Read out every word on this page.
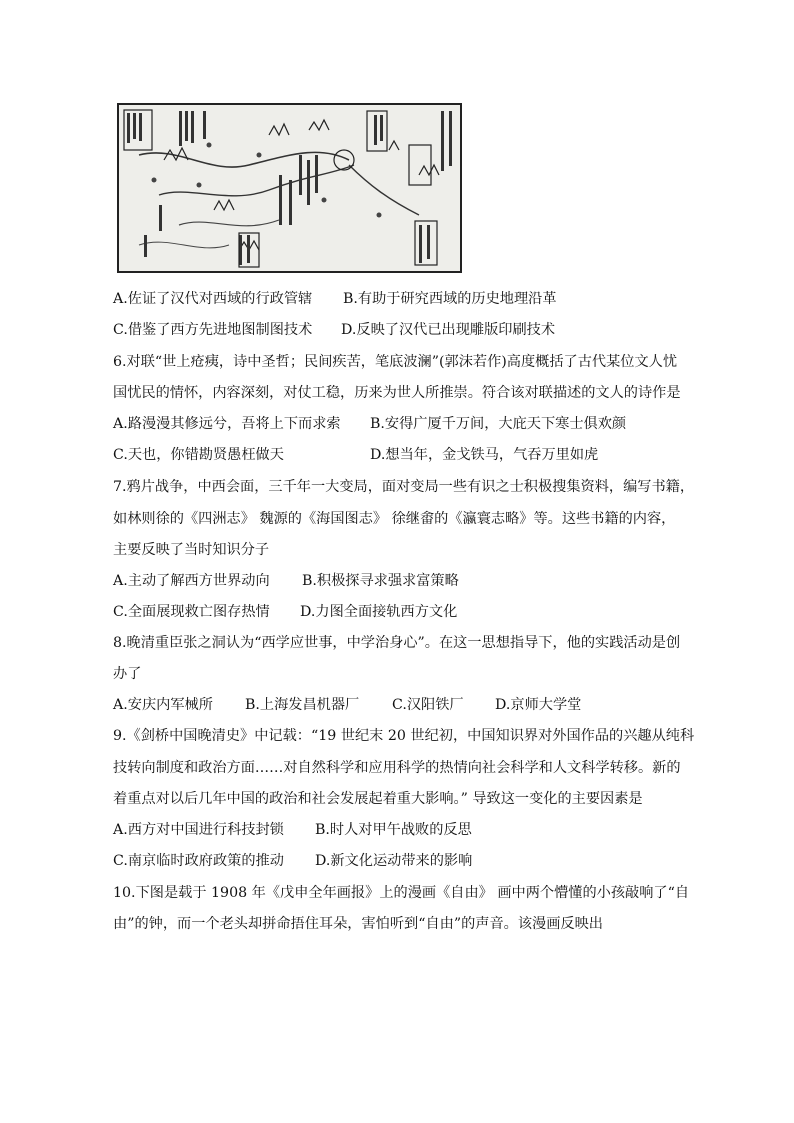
A.佐证了汉代对西域的行政管辖 B.有助于研究西域的历史地理沿革
C.借鉴了西方先进地图制图技术 D.反映了汉代已出现雕版印刷技术
6.对联“世上疮痍，诗中圣哲；民间疾苦，笔底波澜”(郭沫若作)高度概括了古代某位文人忧
国忧民的情怀，内容深刻，对仗工稳，历来为世人所推崇。符合该对联描述的文人的诗作是
A.路漫漫其修远兮，吾将上下而求索 B.安得广厦千万间，大庇天下寒士俱欢颜
C.天也，你错勘贤愚枉做天	D.想当年，金戈铁马，气吞万里如虎
7.鸦片战争，中西会面，三千年一大变局，面对变局一些有识之士积极搜集资料，编写书籍，
如林则徐的《四洲志》 魏源的《海国图志》 徐继畬的《瀛寰志略》等。这些书籍的内容，
主要反映了当时知识分子
A.主动了解西方世界动向 B.积极探寻求强求富策略
C.全面展现救亡图存热情 D.力图全面接轨西方文化
8.晚清重臣张之洞认为“西学应世事，中学治身心”。在这一思想指导下，他的实践活动是创
办了
A.安庆内军械所 B.上海发昌机器厂 C.汉阳铁厂 D.京师大学堂
9.《剑桥中国晚清史》中记载：“19 世纪末 20 世纪初，中国知识界对外国作品的兴趣从纯科
技转向制度和政治方面……对自然科学和应用科学的热情向社会科学和人文科学转移。新的
着重点对以后几年中国的政治和社会发展起着重大影响。” 导致这一变化的主要因素是
A.西方对中国进行科技封锁 B.时人对甲午战败的反思
C.南京临时政府政策的推动 D.新文化运动带来的影响
10.下图是载于 1908 年《戊申全年画报》上的漫画《自由》 画中两个懵懂的小孩敲响了“自
由”的钟，而一个老头却拼命捂住耳朵，害怕听到“自由”的声音。该漫画反映出
